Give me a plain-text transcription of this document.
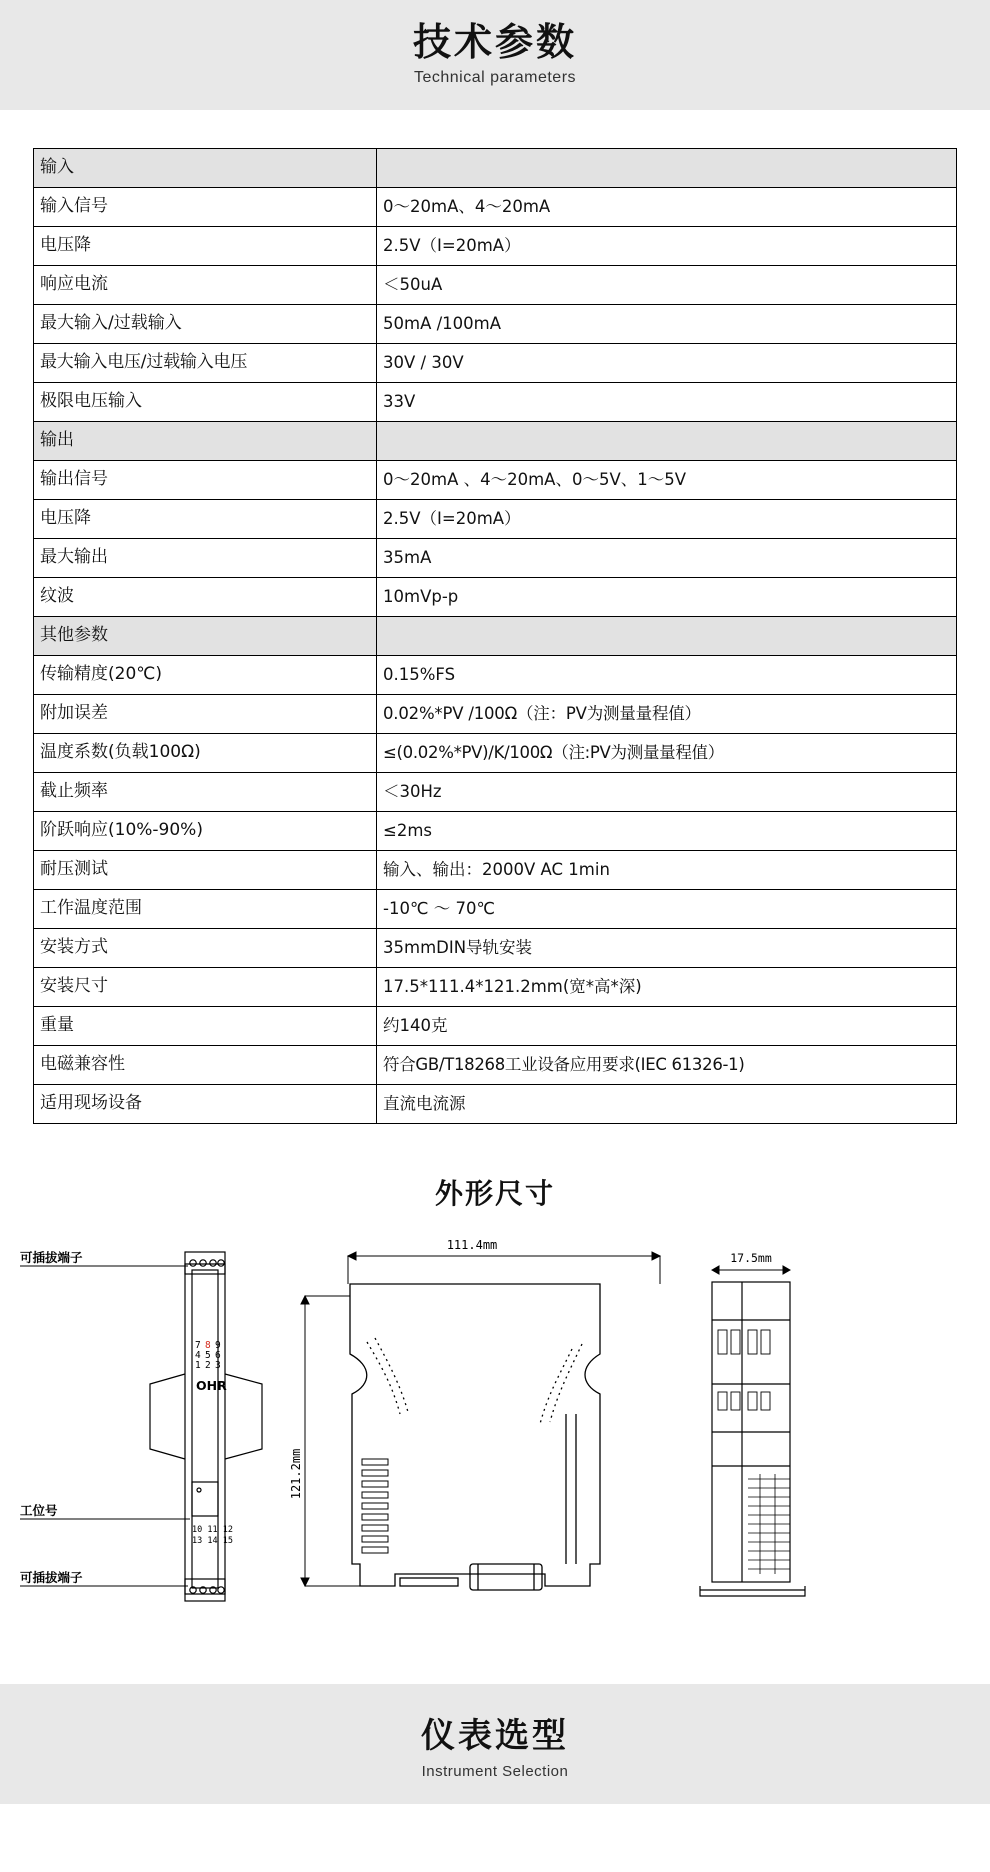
技术参数
Technical parameters
输入	
输入信号	0～20mA、4～20mA
电压降	2.5V（I=20mA）
响应电流	＜50uA
最大输入/过载输入	50mA /100mA
最大输入电压/过载输入电压	30V / 30V
极限电压输入	33V
输出	
输出信号	0～20mA 、4～20mA、0～5V、1～5V
电压降	2.5V（I=20mA）
最大输出	35mA
纹波	10mVp-p
其他参数	
传输精度(20℃)	0.15%FS
附加误差	0.02%*PV /100Ω（注：PV为测量量程值）
温度系数(负载100Ω)	≤(0.02%*PV)/K/100Ω（注:PV为测量量程值）
截止频率	＜30Hz
阶跃响应(10%-90%)	≤2ms
耐压测试	输入、输出：2000V AC 1min
工作温度范围	-10℃ ～ 70℃
安装方式	35mmDIN导轨安装
安装尺寸	17.5*111.4*121.2mm(宽*高*深)
重量	约140克
电磁兼容性	符合GB/T18268工业设备应用要求(IEC 61326-1)
适用现场设备	直流电流源
外形尺寸
7 8 9
4 5 6
1 2 3
OHR
10 11 12
13 14 15
111.4mm
121.2mm
17.5mm
可插拔端子
工位号
可插拔端子
仪表选型
Instrument Selection
